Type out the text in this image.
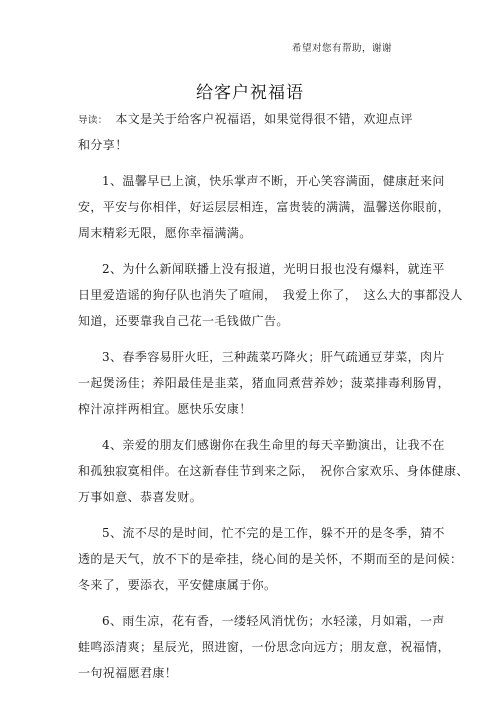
希望对您有帮助，谢谢
给客户祝福语
导读：　 本文是关于给客户祝福语，如果觉得很不错，欢迎点评
和分享！
1、温馨早已上演，快乐掌声不断，开心笑容满面，健康赶来问
安，平安与你相伴，好运层层相连，富贵装的满满，温馨送你眼前，
周末精彩无限，愿你幸福满满。
2、为什么新闻联播上没有报道，光明日报也没有爆料，就连平
日里爱造谣的狗仔队也消失了喧闹，　我爱上你了，　这么大的事都没人
知道，还要靠我自己花一毛钱做广告。
3、春季容易肝火旺，三种蔬菜巧降火；肝气疏通豆芽菜，肉片
一起煲汤佳；养阳最佳是韭菜，猪血同煮营养妙；菠菜排毒利肠胃，
榨汁凉拌两相宜。愿快乐安康！
4、亲爱的朋友们感谢你在我生命里的每天辛勤演出，让我不在
和孤独寂寞相伴。在这新春佳节到来之际，　祝你合家欢乐、身体健康、
万事如意、恭喜发财。
5、流不尽的是时间，忙不完的是工作，躲不开的是冬季，猜不
透的是天气，放不下的是牵挂，绕心间的是关怀，不期而至的是问候：
冬来了，要添衣，平安健康属于你。
6、雨生凉，花有香，一缕轻风消忧伤；水轻漾，月如霜，一声
蛙鸣添清爽；星辰光，照进窗，一份思念向远方；朋友意，祝福情，
一句祝福愿君康！
